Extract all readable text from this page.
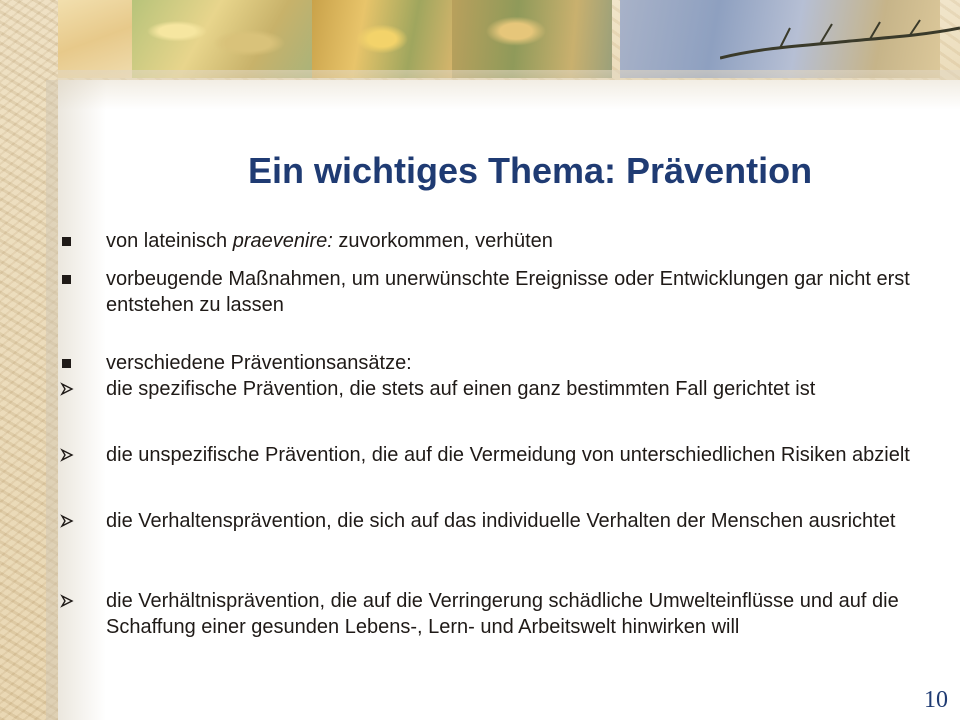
Ein wichtiges Thema: Prävention
von lateinisch praevenire: zuvorkommen, verhüten
vorbeugende Maßnahmen, um unerwünschte Ereignisse oder Entwicklungen gar nicht erst entstehen zu lassen
verschiedene Präventionsansätze:
die spezifische Prävention, die stets auf einen ganz bestimmten Fall gerichtet ist
die unspezifische Prävention, die auf die Vermeidung von unterschiedlichen Risiken abzielt
die Verhaltensprävention, die sich auf das individuelle Verhalten der Menschen ausrichtet
die Verhältnisprävention, die auf die Verringerung schädliche Umwelteinflüsse und auf die Schaffung einer gesunden Lebens-, Lern- und Arbeitswelt hinwirken will
10
